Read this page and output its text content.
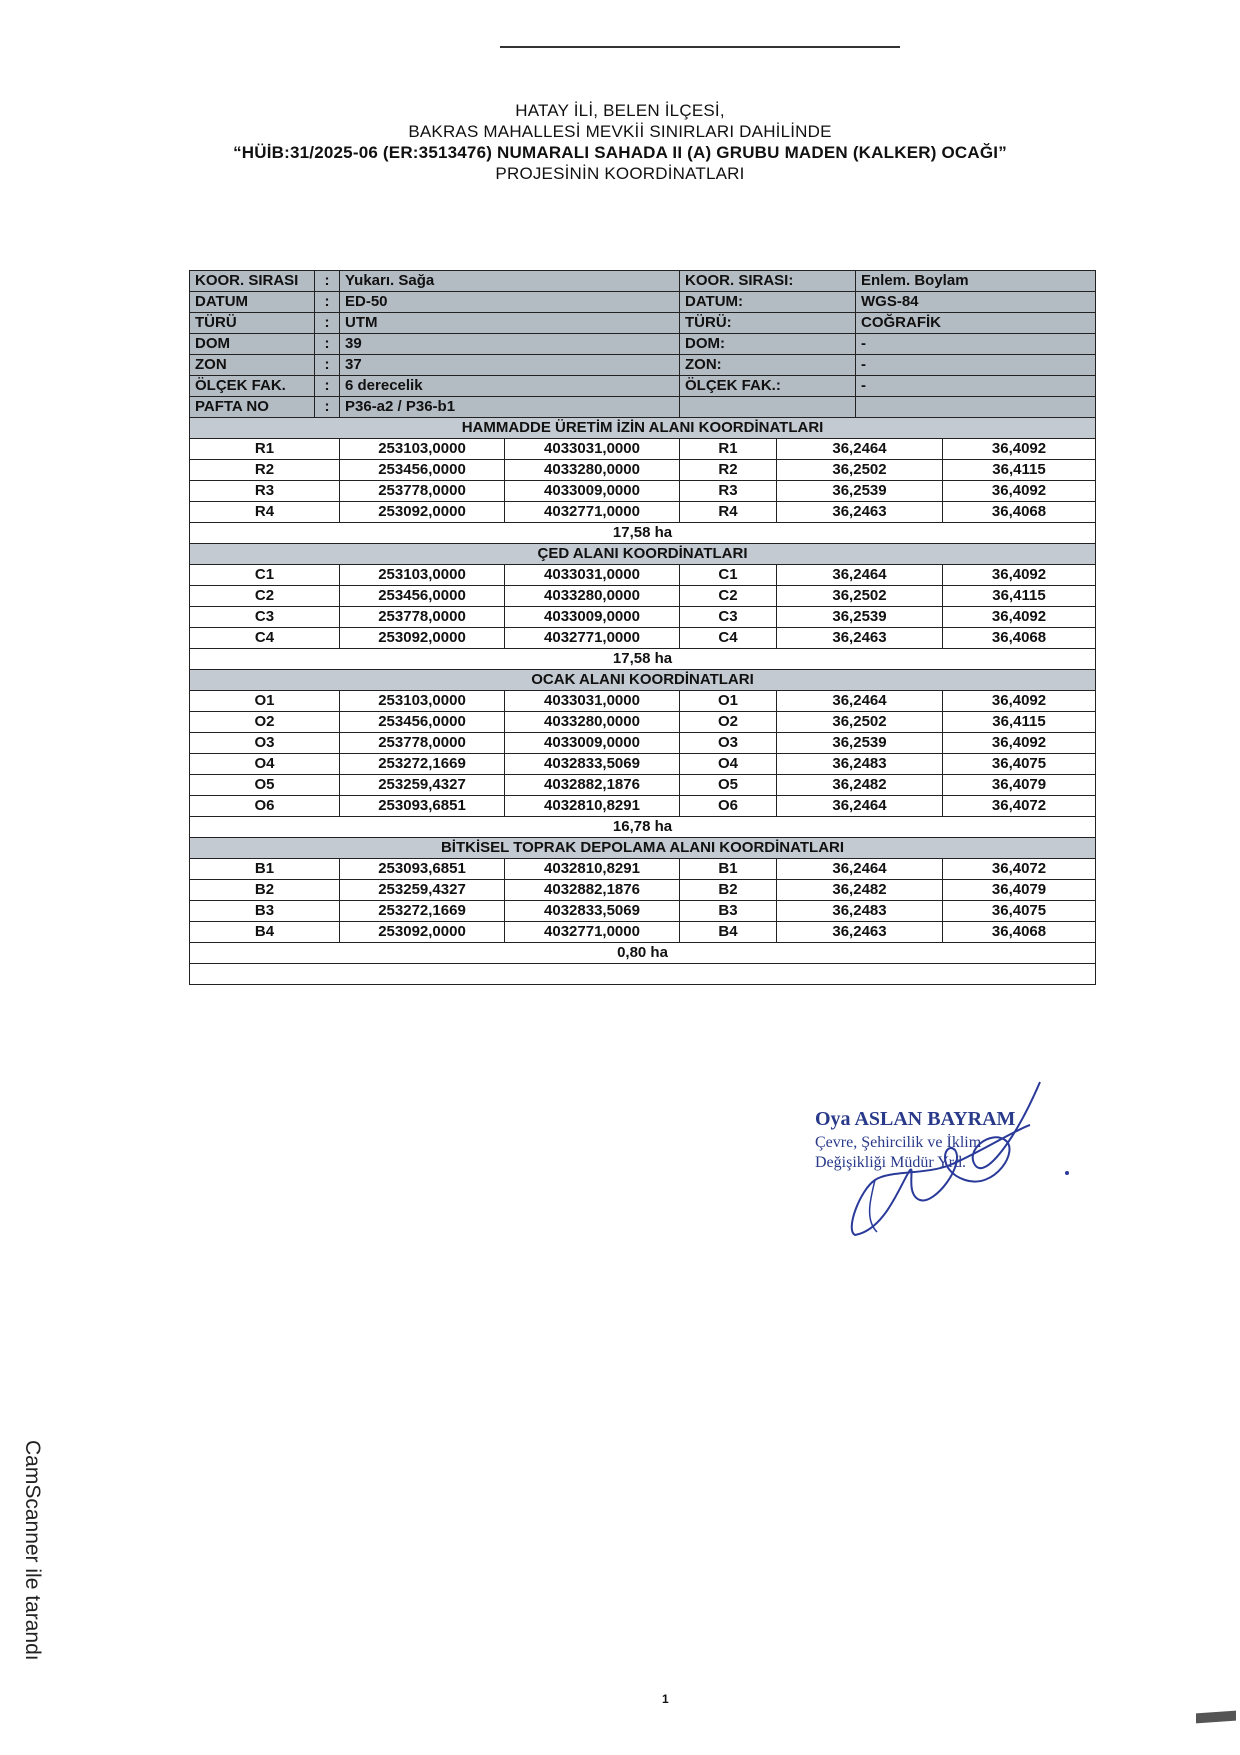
HATAY İLİ, BELEN İLÇESİ,
BAKRAS MAHALLESİ MEVKİİ SINIRLARI DAHİLİNDE
“HÜİB:31/2025-06 (ER:3513476) NUMARALI SAHADA II (A) GRUBU MADEN (KALKER) OCAĞI”
PROJESİNİN KOORDİNATLARI
KOOR. SIRASI	:	Yukarı. Sağa		KOOR. SIRASI:		Enlem. Boylam	
DATUM	:	ED-50		DATUM:		WGS-84	
TÜRÜ	:	UTM		TÜRÜ:		COĞRAFİK	
DOM	:	39		DOM:		-	
ZON	:	37		ZON:		-	
ÖLÇEK FAK.	:	6 derecelik		ÖLÇEK FAK.:		-	
PAFTA NO	:	P36-a2 / P36-b1					
HAMMADDE ÜRETİM İZİN ALANI KOORDİNATLARI							
R1		253103,0000	4033031,0000	R1	36,2464		36,4092
R2		253456,0000	4033280,0000	R2	36,2502		36,4115
R3		253778,0000	4033009,0000	R3	36,2539		36,4092
R4		253092,0000	4032771,0000	R4	36,2463		36,4068
17,58 ha							
ÇED ALANI KOORDİNATLARI							
C1		253103,0000	4033031,0000	C1	36,2464		36,4092
C2		253456,0000	4033280,0000	C2	36,2502		36,4115
C3		253778,0000	4033009,0000	C3	36,2539		36,4092
C4		253092,0000	4032771,0000	C4	36,2463		36,4068
17,58 ha							
OCAK ALANI KOORDİNATLARI							
O1		253103,0000	4033031,0000	O1	36,2464		36,4092
O2		253456,0000	4033280,0000	O2	36,2502		36,4115
O3		253778,0000	4033009,0000	O3	36,2539		36,4092
O4		253272,1669	4032833,5069	O4	36,2483		36,4075
O5		253259,4327	4032882,1876	O5	36,2482		36,4079
O6		253093,6851	4032810,8291	O6	36,2464		36,4072
16,78 ha							
BİTKİSEL TOPRAK DEPOLAMA ALANI KOORDİNATLARI							
B1		253093,6851	4032810,8291	B1	36,2464		36,4072
B2		253259,4327	4032882,1876	B2	36,2482		36,4079
B3		253272,1669	4032833,5069	B3	36,2483		36,4075
B4		253092,0000	4032771,0000	B4	36,2463		36,4068
0,80 ha							

Oya ASLAN BAYRAM
Çevre, Şehircilik ve İklim
Değişikliği Müdür Yrd.
CamScanner ile tarandı
1
